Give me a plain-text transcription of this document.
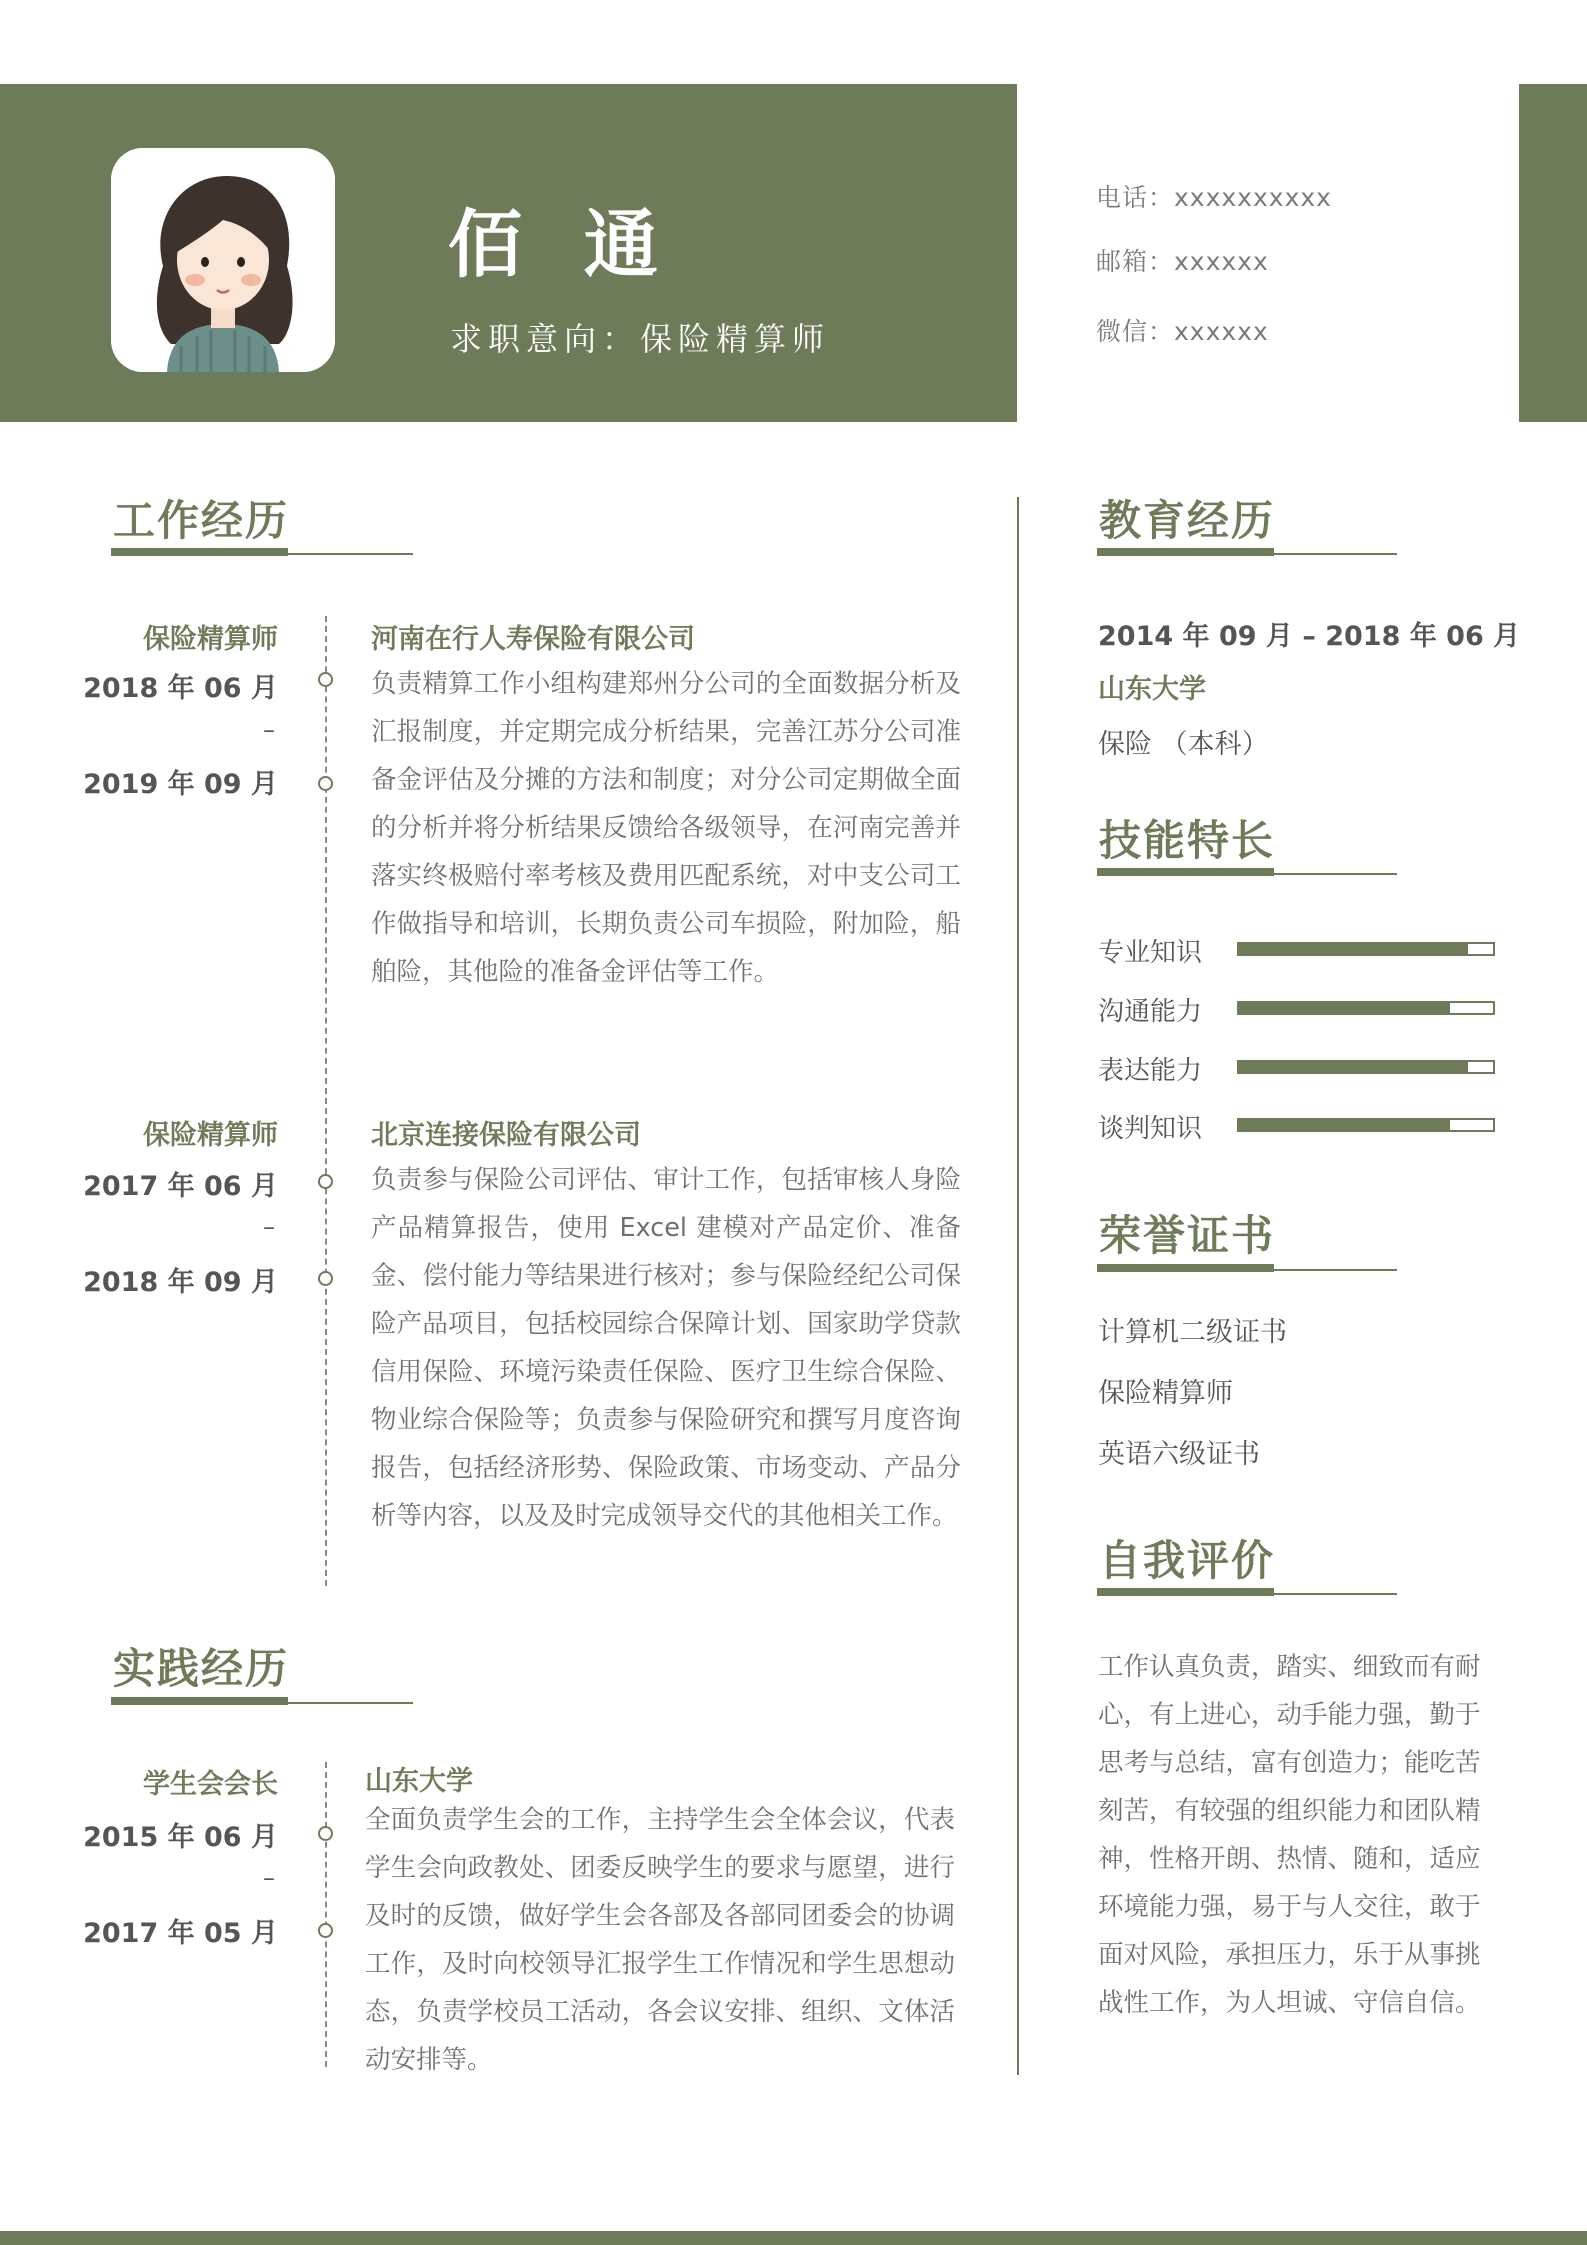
佰 通
求职意向：保险精算师
电话：xxxxxxxxxx
邮箱：xxxxxx
微信：xxxxxx
工作经历
保险精算师
2018 年 06 月
–
2019 年 09 月
河南在行人寿保险有限公司
负责精算工作小组构建郑州分公司的全面数据分析及汇报制度，并定期完成分析结果，完善江苏分公司准备金评估及分摊的方法和制度；对分公司定期做全面的分析并将分析结果反馈给各级领导，在河南完善并落实终极赔付率考核及费用匹配系统，对中支公司工作做指导和培训，长期负责公司车损险，附加险，船舶险，其他险的准备金评估等工作。
保险精算师
2017 年 06 月
–
2018 年 09 月
北京连接保险有限公司
负责参与保险公司评估、审计工作，包括审核人身险产品精算报告，使用 Excel 建模对产品定价、准备金、偿付能力等结果进行核对；参与保险经纪公司保险产品项目，包括校园综合保障计划、国家助学贷款信用保险、环境污染责任保险、医疗卫生综合保险、物业综合保险等；负责参与保险研究和撰写月度咨询报告，包括经济形势、保险政策、市场变动、产品分析等内容，以及及时完成领导交代的其他相关工作。
实践经历
学生会会长
2015 年 06 月
–
2017 年 05 月
山东大学
全面负责学生会的工作，主持学生会全体会议，代表学生会向政教处、团委反映学生的要求与愿望，进行及时的反馈，做好学生会各部及各部同团委会的协调工作，及时向校领导汇报学生工作情况和学生思想动态，负责学校员工活动，各会议安排、组织、文体活动安排等。
教育经历
2014 年 09 月 – 2018 年 06 月
山东大学
保险 （本科）
技能特长
专业知识
沟通能力
表达能力
谈判知识
荣誉证书
计算机二级证书
保险精算师
英语六级证书
自我评价
工作认真负责，踏实、细致而有耐心，有上进心，动手能力强，勤于思考与总结，富有创造力；能吃苦刻苦，有较强的组织能力和团队精神，性格开朗、热情、随和，适应环境能力强，易于与人交往，敢于面对风险，承担压力，乐于从事挑战性工作，为人坦诚、守信自信。
